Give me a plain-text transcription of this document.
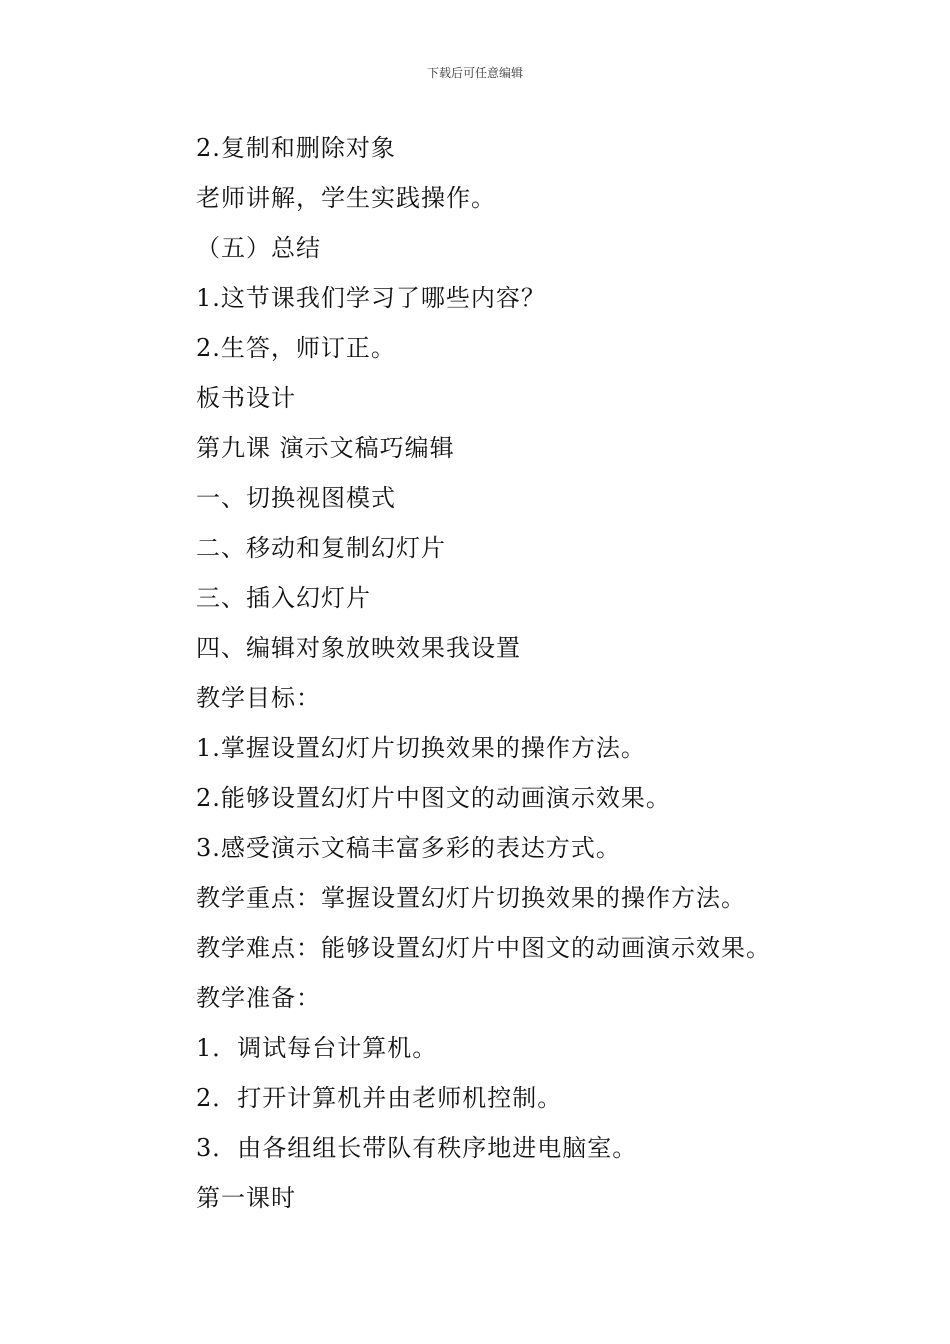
下载后可任意编辑
2.复制和删除对象
老师讲解，学生实践操作。
（五）总结
1.这节课我们学习了哪些内容？
2.生答，师订正。
板书设计
第九课 演示文稿巧编辑
一、切换视图模式
二、移动和复制幻灯片
三、插入幻灯片
四、编辑对象放映效果我设置
教学目标：
1.掌握设置幻灯片切换效果的操作方法。
2.能够设置幻灯片中图文的动画演示效果。
3.感受演示文稿丰富多彩的表达方式。
教学重点：掌握设置幻灯片切换效果的操作方法。
教学难点：能够设置幻灯片中图文的动画演示效果。
教学准备：
1．调试每台计算机。
2．打开计算机并由老师机控制。
3．由各组组长带队有秩序地进电脑室。
第一课时
